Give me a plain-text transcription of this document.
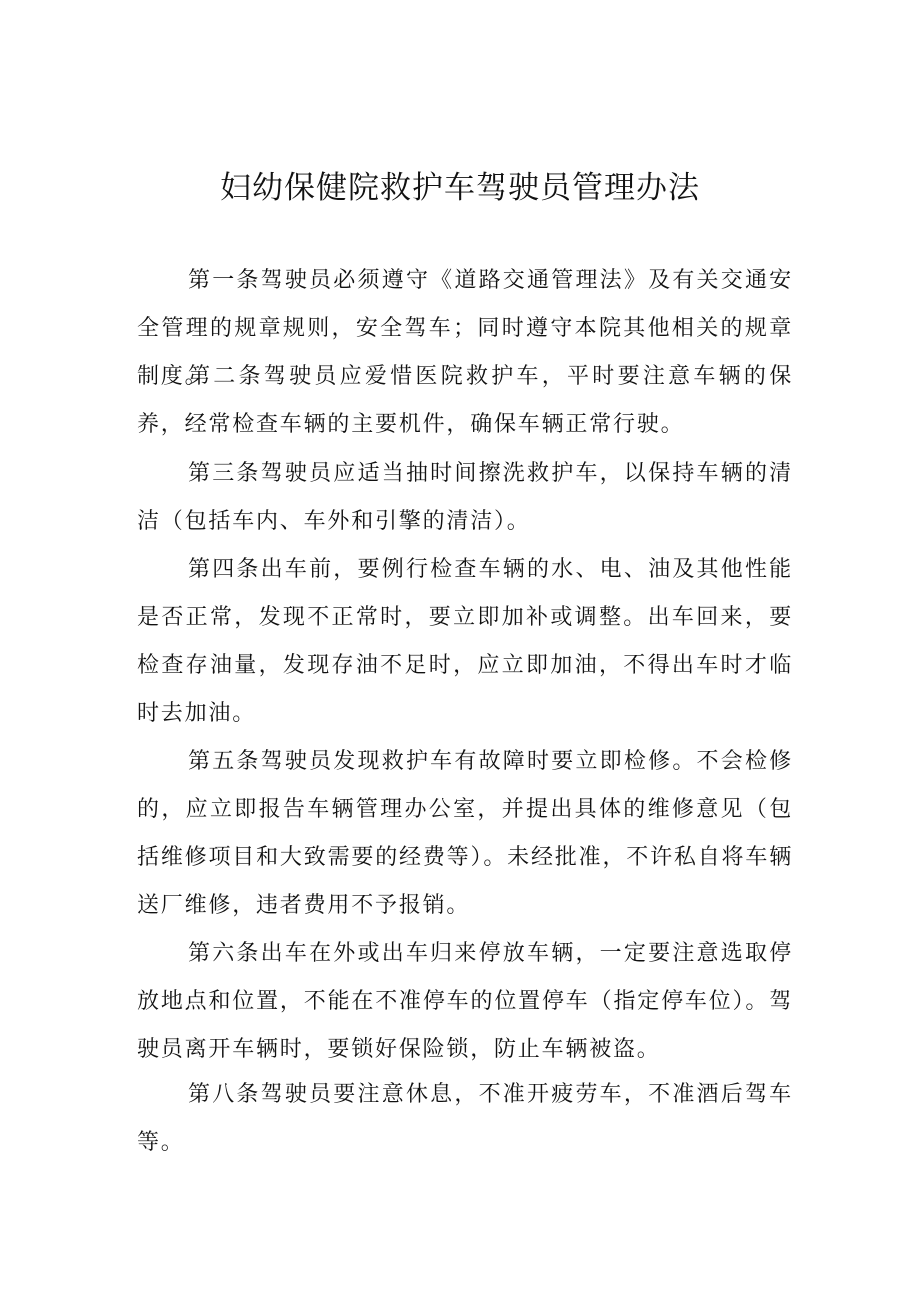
妇幼保健院救护车驾驶员管理办法

第一条驾驶员必须遵守《道路交通管理法》及有关交通安全管理的规章规则，安全驾车；同时遵守本院其他相关的规章制度。

第二条驾驶员应爱惜医院救护车，平时要注意车辆的保养，经常检查车辆的主要机件，确保车辆正常行驶。

第三条驾驶员应适当抽时间擦洗救护车，以保持车辆的清洁（包括车内、车外和引擎的清洁）。

第四条出车前，要例行检查车辆的水、电、油及其他性能是否正常，发现不正常时，要立即加补或调整。出车回来，要检查存油量，发现存油不足时，应立即加油，不得出车时才临时去加油。

第五条驾驶员发现救护车有故障时要立即检修。不会检修的，应立即报告车辆管理办公室，并提出具体的维修意见（包括维修项目和大致需要的经费等）。未经批准，不许私自将车辆送厂维修，违者费用不予报销。

第六条出车在外或出车归来停放车辆，一定要注意选取停放地点和位置，不能在不准停车的位置停车（指定停车位）。驾驶员离开车辆时，要锁好保险锁，防止车辆被盗。

第八条驾驶员要注意休息，不准开疲劳车，不准酒后驾车等。
